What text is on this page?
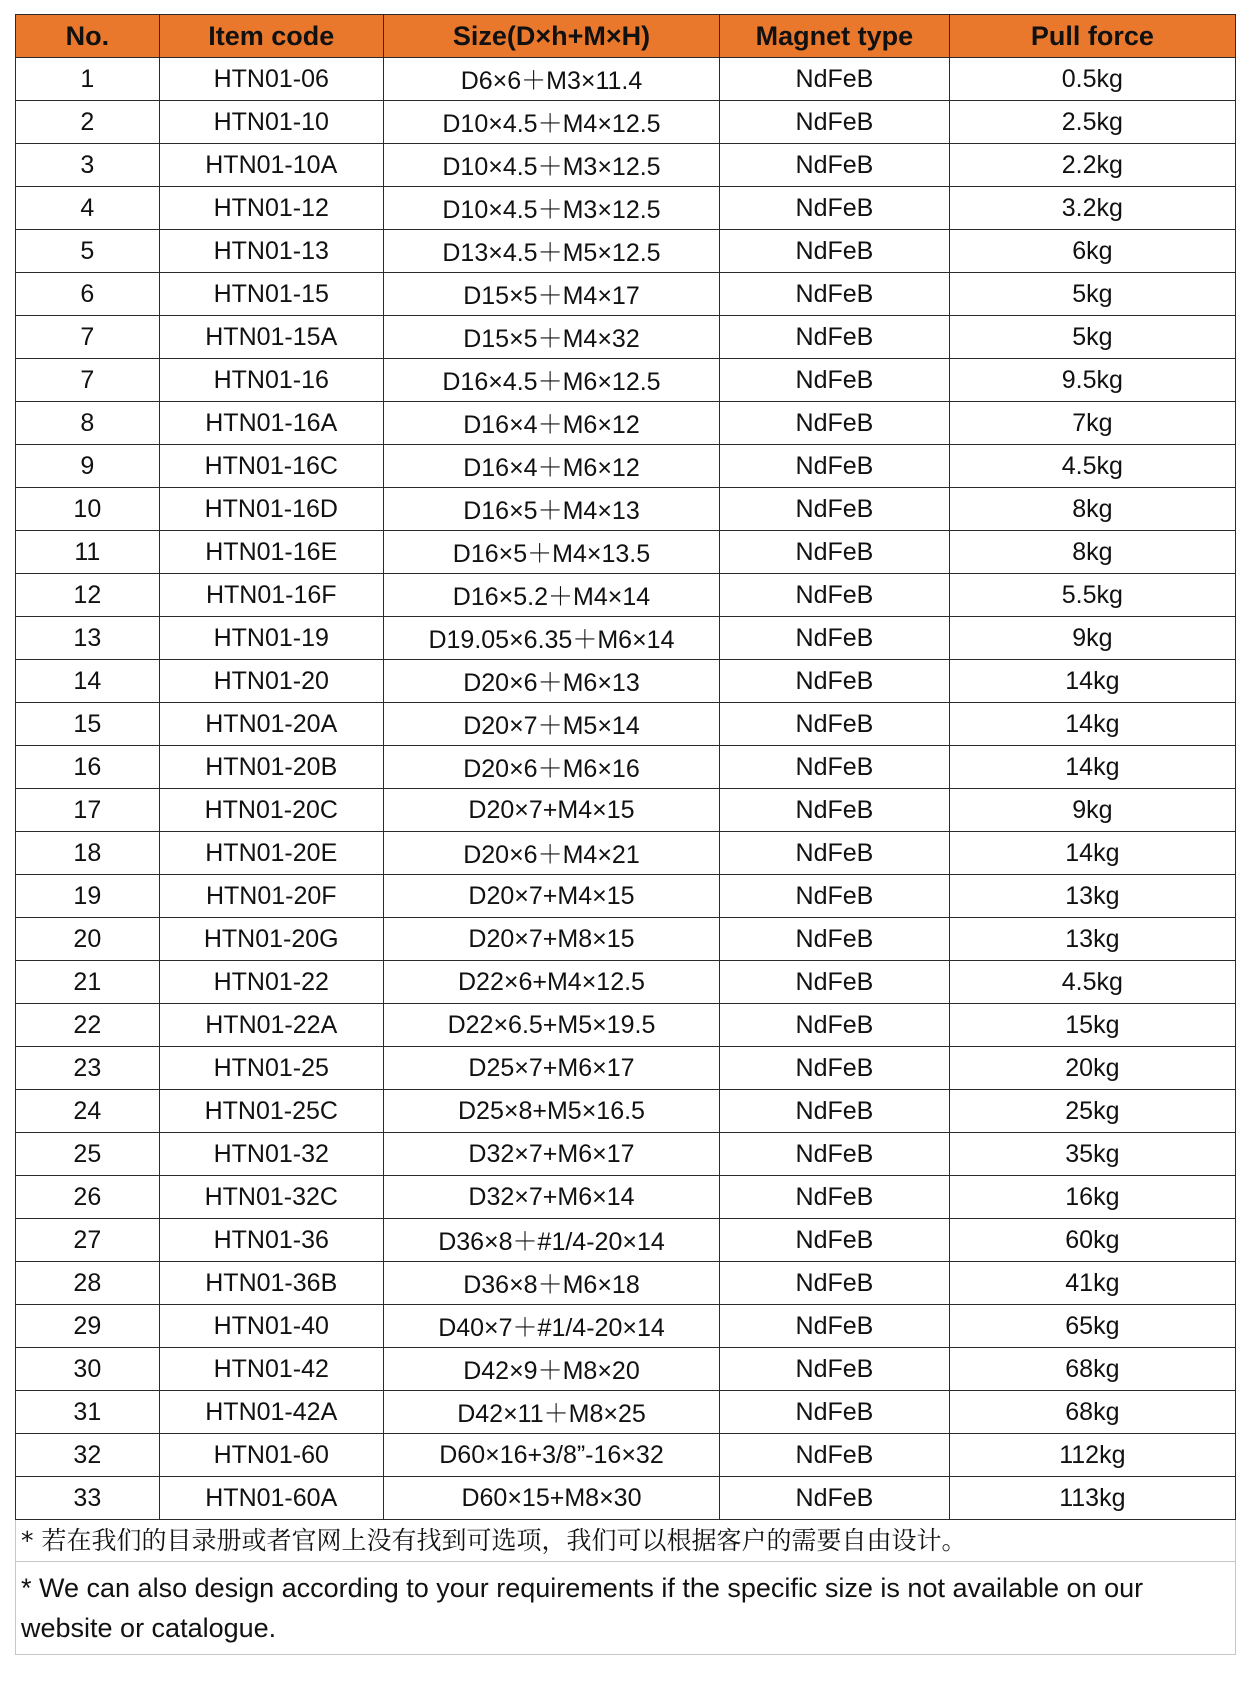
No.	Item code	Size(D×h+M×H)	Magnet type	Pull force
1	HTN01-06	D6×6＋M3×11.4	NdFeB	0.5kg
2	HTN01-10	D10×4.5＋M4×12.5	NdFeB	2.5kg
3	HTN01-10A	D10×4.5＋M3×12.5	NdFeB	2.2kg
4	HTN01-12	D10×4.5＋M3×12.5	NdFeB	3.2kg
5	HTN01-13	D13×4.5＋M5×12.5	NdFeB	6kg
6	HTN01-15	D15×5＋M4×17	NdFeB	5kg
7	HTN01-15A	D15×5＋M4×32	NdFeB	5kg
7	HTN01-16	D16×4.5＋M6×12.5	NdFeB	9.5kg
8	HTN01-16A	D16×4＋M6×12	NdFeB	7kg
9	HTN01-16C	D16×4＋M6×12	NdFeB	4.5kg
10	HTN01-16D	D16×5＋M4×13	NdFeB	8kg
11	HTN01-16E	D16×5＋M4×13.5	NdFeB	8kg
12	HTN01-16F	D16×5.2＋M4×14	NdFeB	5.5kg
13	HTN01-19	D19.05×6.35＋M6×14	NdFeB	9kg
14	HTN01-20	D20×6＋M6×13	NdFeB	14kg
15	HTN01-20A	D20×7＋M5×14	NdFeB	14kg
16	HTN01-20B	D20×6＋M6×16	NdFeB	14kg
17	HTN01-20C	D20×7+M4×15	NdFeB	9kg
18	HTN01-20E	D20×6＋M4×21	NdFeB	14kg
19	HTN01-20F	D20×7+M4×15	NdFeB	13kg
20	HTN01-20G	D20×7+M8×15	NdFeB	13kg
21	HTN01-22	D22×6+M4×12.5	NdFeB	4.5kg
22	HTN01-22A	D22×6.5+M5×19.5	NdFeB	15kg
23	HTN01-25	D25×7+M6×17	NdFeB	20kg
24	HTN01-25C	D25×8+M5×16.5	NdFeB	25kg
25	HTN01-32	D32×7+M6×17	NdFeB	35kg
26	HTN01-32C	D32×7+M6×14	NdFeB	16kg
27	HTN01-36	D36×8＋#1/4-20×14	NdFeB	60kg
28	HTN01-36B	D36×8＋M6×18	NdFeB	41kg
29	HTN01-40	D40×7＋#1/4-20×14	NdFeB	65kg
30	HTN01-42	D42×9＋M8×20	NdFeB	68kg
31	HTN01-42A	D42×11＋M8×25	NdFeB	68kg
32	HTN01-60	D60×16+3/8”-16×32	NdFeB	112kg
33	HTN01-60A	D60×15+M8×30	NdFeB	113kg
* 若在我们的目录册或者官网上没有找到可选项，我们可以根据客户的需要自由设计。
* We can also design according to your requirements if the specific size is not available on our website or catalogue.
